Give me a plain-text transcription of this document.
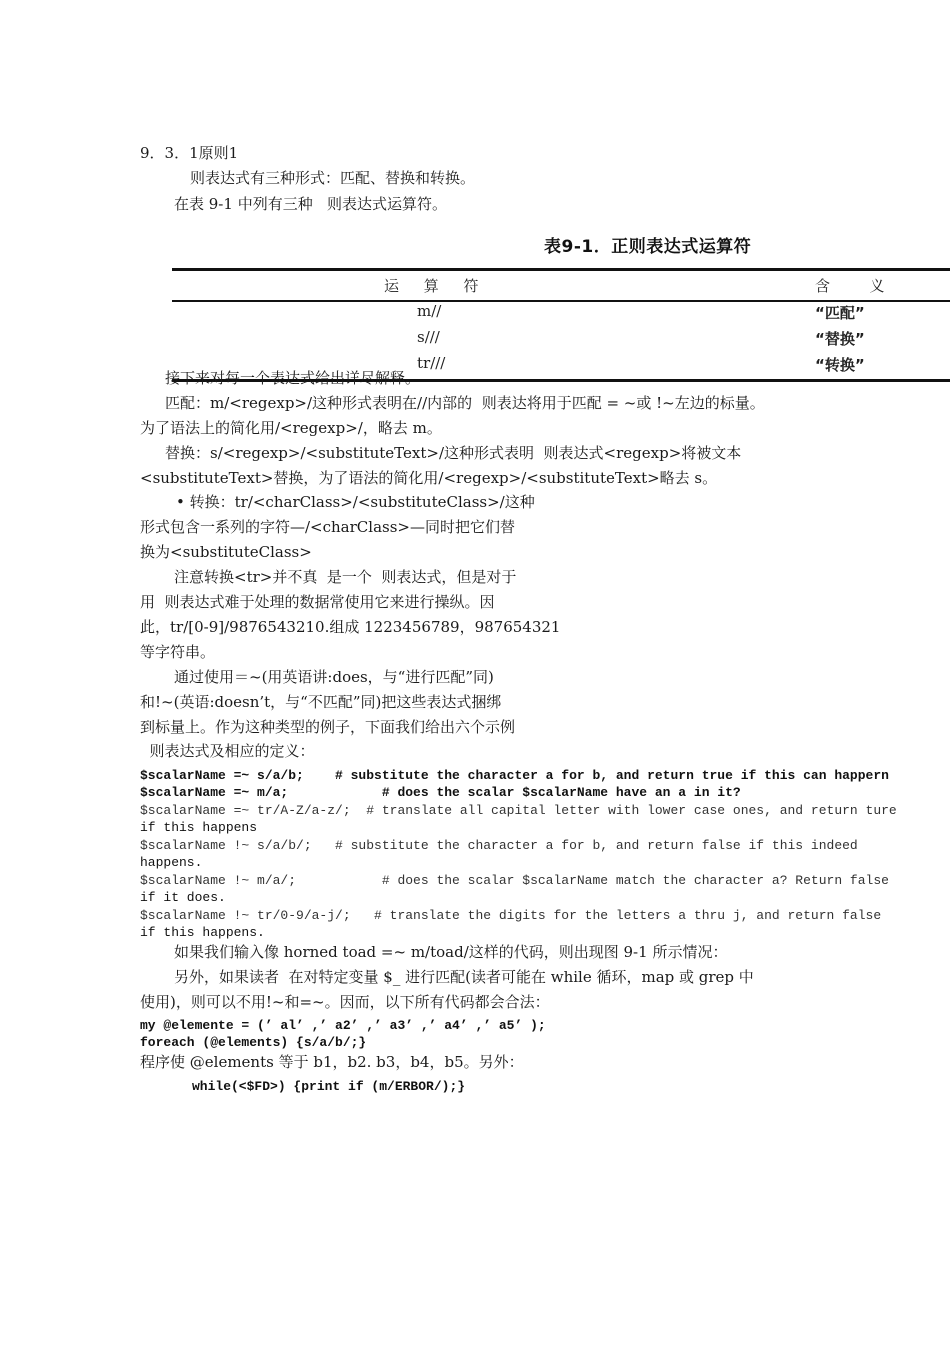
9．3．1原则1
则表达式有三种形式：匹配、替换和转换。
在表 9-1 中列有三种   则表达式运算符。
表9-1．正则表达式运算符
运 算 符	含  义
m//	“匹配”
s///	“替换”
tr///	“转换”
接下来对每一个表达式给出详尽解释。
匹配：m/<regexp>/这种形式表明在//内部的  则表达将用于匹配 = ~或 !~左边的标量。
为了语法上的简化用/<regexp>/，略去 m。
替换：s/<regexp>/<substituteText>/这种形式表明  则表达式<regexp>将被文本
<substituteText>替换，为了语法的简化用/<regexp>/<substituteText>略去 s。
• 转换：tr/<charClass>/<substituteClass>/这种
形式包含一系列的字符—/<charClass>—同时把它们替
换为<substituteClass>
注意转换<tr>并不真  是一个  则表达式，但是对于
用  则表达式难于处理的数据常使用它来进行操纵。因
此，tr/[0-9]/9876543210.组成 1223456789，987654321
等字符串。
通过使用＝~(用英语讲:does，与“进行匹配”同)
和!~(英语:doesn’t，与“不匹配”同)把这些表达式捆绑
到标量上。作为这种类型的例子，下面我们给出六个示例
则表达式及相应的定义：
$scalarName =~ s/a/b;    # substitute the character a for b, and return true if this can happern
$scalarName =~ m/a;            # does the scalar $scalarName have an a in it?
$scalarName =~ tr/A-Z/a-z/;  # translate all capital letter with lower case ones, and return ture
if this happens
$scalarName !~ s/a/b/;   # substitute the character a for b, and return false if this indeed
happens.
$scalarName !~ m/a/;           # does the scalar $scalarName match the character a? Return false
if it does.
$scalarName !~ tr/0-9/a-j/;   # translate the digits for the letters a thru j, and return false
if this happens.
如果我们输入像 horned toad =~ m/toad/这样的代码，则出现图 9-1 所示情况：
另外，如果读者  在对特定变量 $_ 进行匹配(读者可能在 while 循环，map 或 grep 中
使用)，则可以不用!~和=~。因而，以下所有代码都会合法：
my @elemente = (’ al’ ,’ a2’ ,’ a3’ ,’ a4’ ,’ a5’ );
foreach (@elements) {s/a/b/;}
程序使 @elements 等于 b1，b2. b3，b4，b5。另外：
while(<$FD>) {print if (m/ERBOR/);}
